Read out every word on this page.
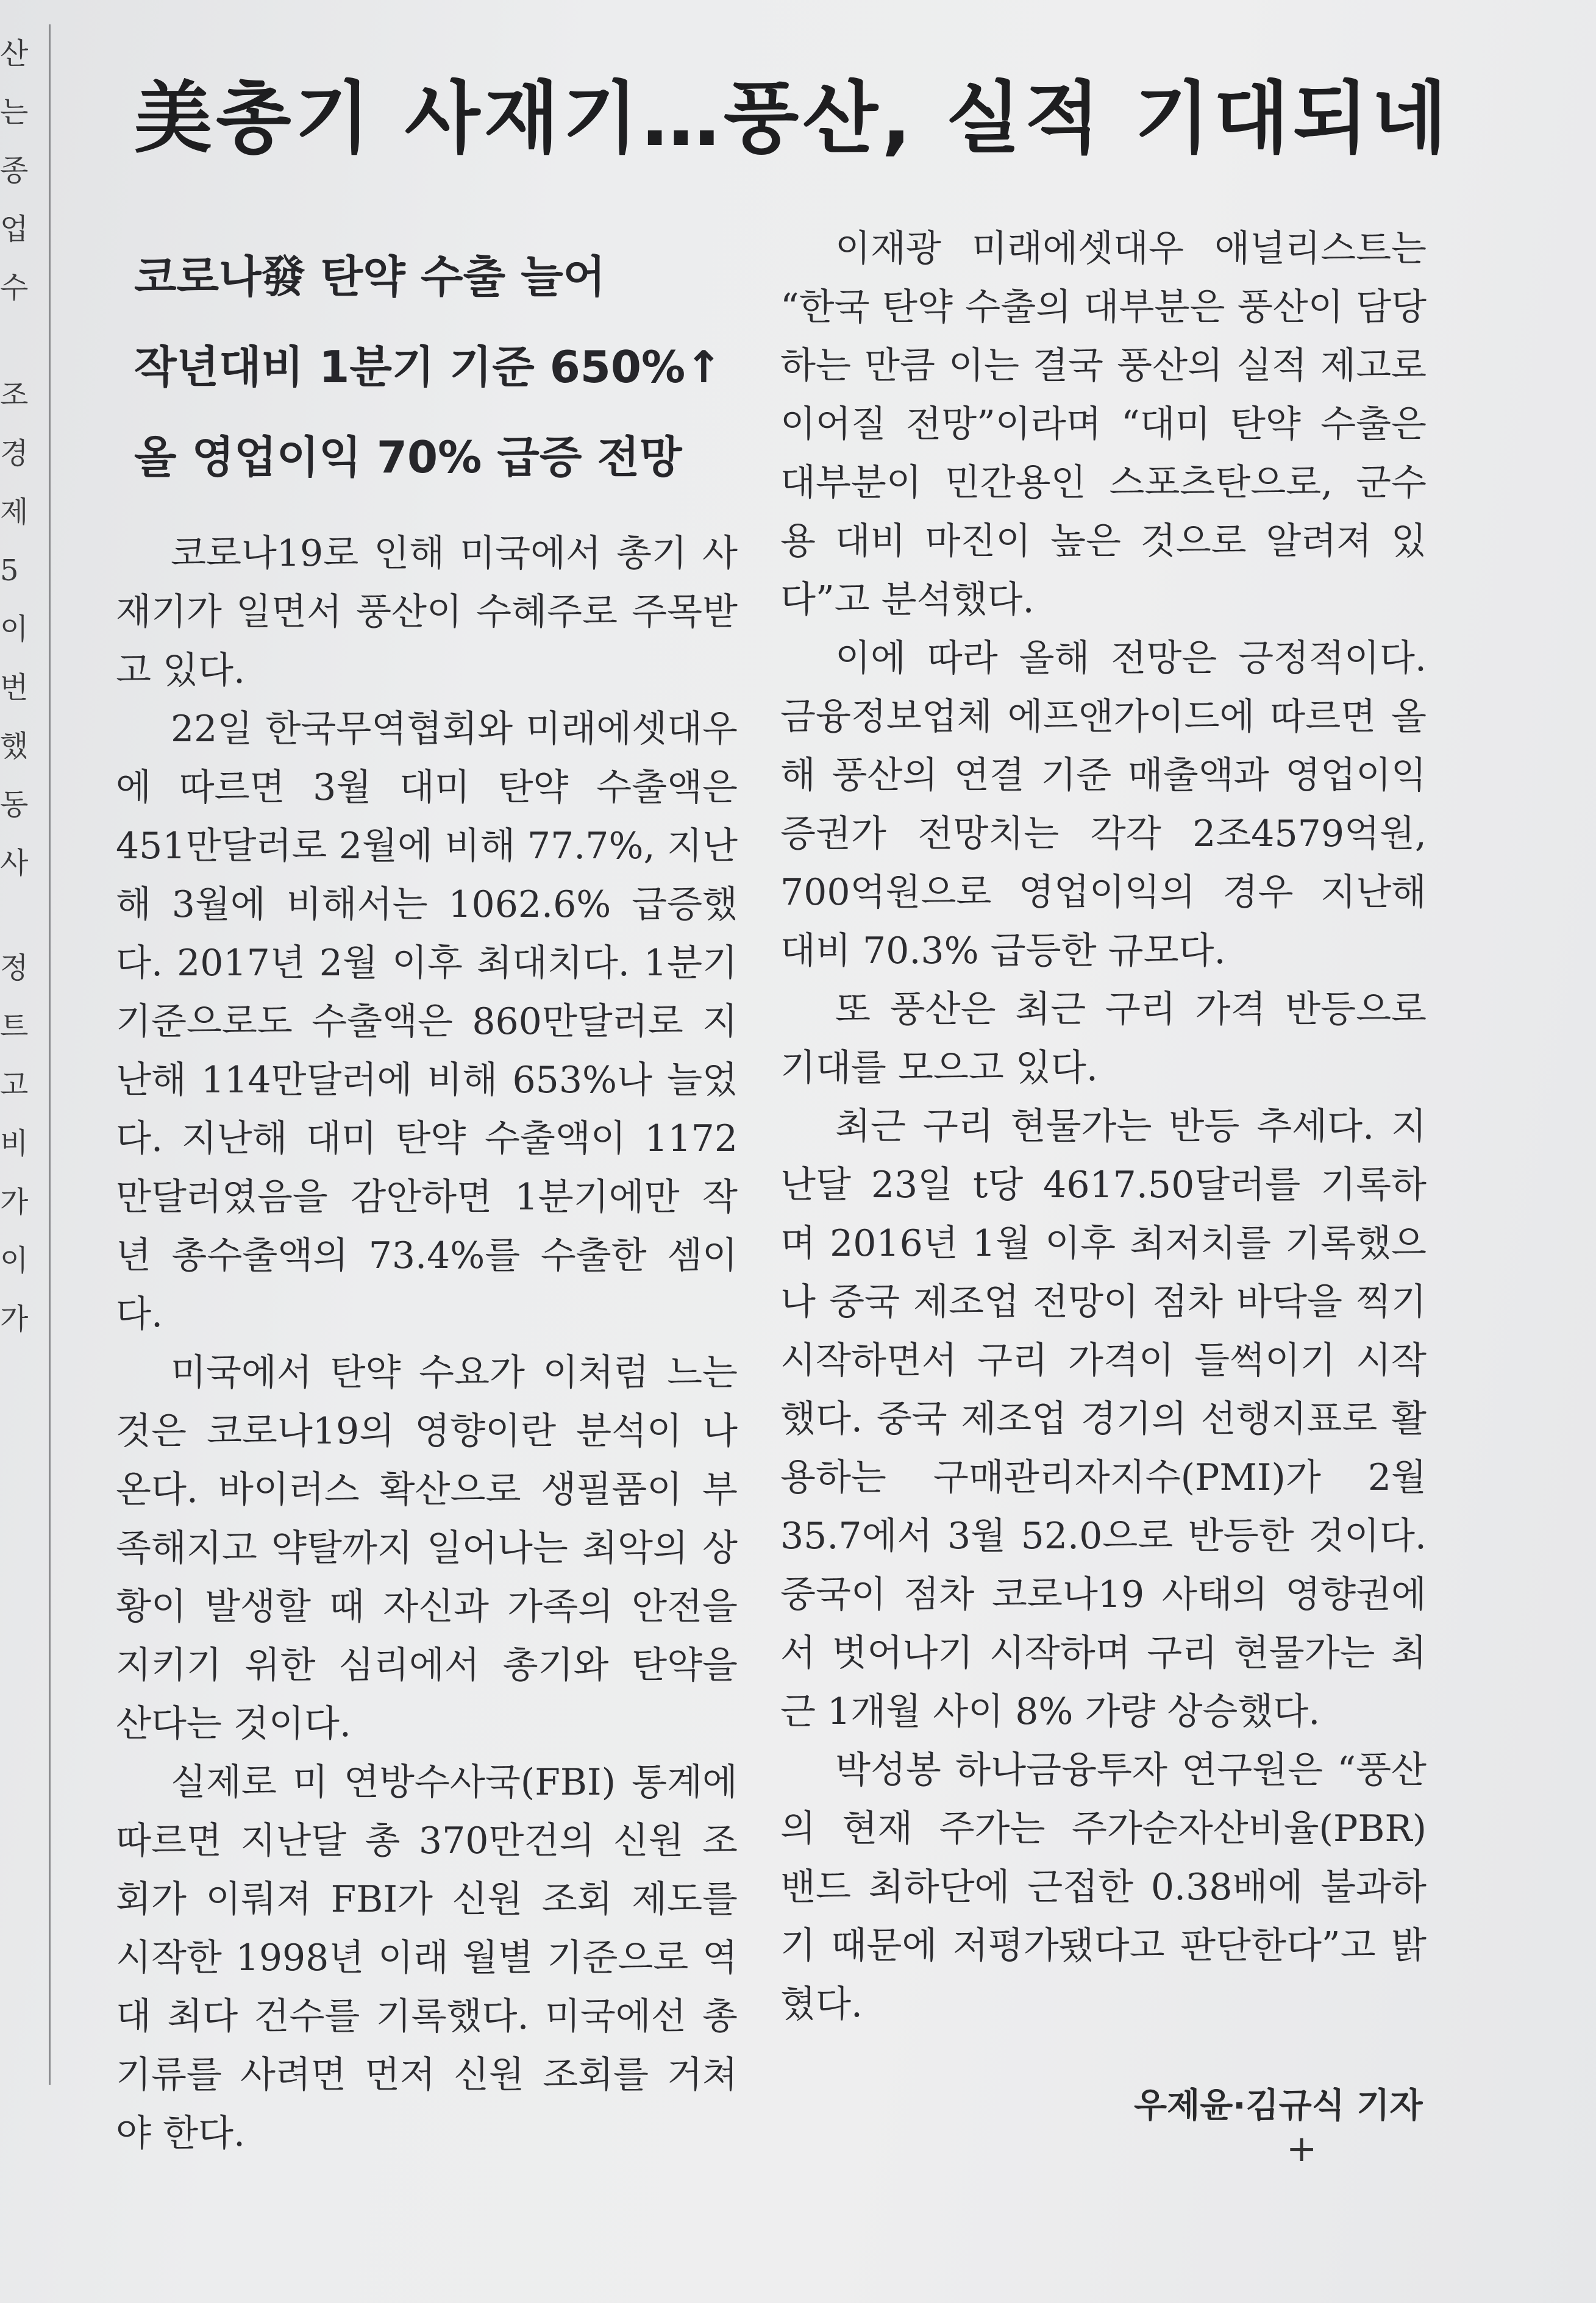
산
는
종
업
수
조
경
제
5
이
번
했
동
사
정
트
고
비
가
이
가
美총기 사재기…풍산, 실적 기대되네
코로나發 탄약 수출 늘어
작년대비 1분기 기준 650%↑
올 영업이익 70% 급증 전망

코로나19로 인해 미국에서 총기 사재기가 일면서 풍산이 수혜주로 주목받고 있다.

22일 한국무역협회와 미래에셋대우에 따르면 3월 대미 탄약 수출액은 451만달러로 2월에 비해 77.7%, 지난해 3월에 비해서는 1062.6% 급증했다. 2017년 2월 이후 최대치다. 1분기 기준으로도 수출액은 860만달러로 지난해 114만달러에 비해 653%나 늘었다. 지난해 대미 탄약 수출액이 1172만달러였음을 감안하면 1분기에만 작년 총수출액의 73.4%를 수출한 셈이다.

미국에서 탄약 수요가 이처럼 느는 것은 코로나19의 영향이란 분석이 나온다. 바이러스 확산으로 생필품이 부족해지고 약탈까지 일어나는 최악의 상황이 발생할 때 자신과 가족의 안전을 지키기 위한 심리에서 총기와 탄약을 산다는 것이다.

실제로 미 연방수사국(FBI) 통계에 따르면 지난달 총 370만건의 신원 조회가 이뤄져 FBI가 신원 조회 제도를 시작한 1998년 이래 월별 기준으로 역대 최다 건수를 기록했다. 미국에선 총기류를 사려면 먼저 신원 조회를 거쳐야 한다.

이재광 미래에셋대우 애널리스트는 “한국 탄약 수출의 대부분은 풍산이 담당하는 만큼 이는 결국 풍산의 실적 제고로 이어질 전망”이라며 “대미 탄약 수출은 대부분이 민간용인 스포츠탄으로, 군수용 대비 마진이 높은 것으로 알려져 있다”고 분석했다.

이에 따라 올해 전망은 긍정적이다. 금융정보업체 에프앤가이드에 따르면 올해 풍산의 연결 기준 매출액과 영업이익 증권가 전망치는 각각 2조4579억원, 700억원으로 영업이익의 경우 지난해 대비 70.3% 급등한 규모다.

또 풍산은 최근 구리 가격 반등으로 기대를 모으고 있다.

최근 구리 현물가는 반등 추세다. 지난달 23일 t당 4617.50달러를 기록하며 2016년 1월 이후 최저치를 기록했으나 중국 제조업 전망이 점차 바닥을 찍기 시작하면서 구리 가격이 들썩이기 시작했다. 중국 제조업 경기의 선행지표로 활용하는 구매관리자지수(PMI)가 2월 35.7에서 3월 52.0으로 반등한 것이다. 중국이 점차 코로나19 사태의 영향권에서 벗어나기 시작하며 구리 현물가는 최근 1개월 사이 8% 가량 상승했다.

박성봉 하나금융투자 연구원은 “풍산의 현재 주가는 주가순자산비율(PBR) 밴드 최하단에 근접한 0.38배에 불과하기 때문에 저평가됐다고 판단한다”고 밝혔다.

우제윤·김규식 기자
+
